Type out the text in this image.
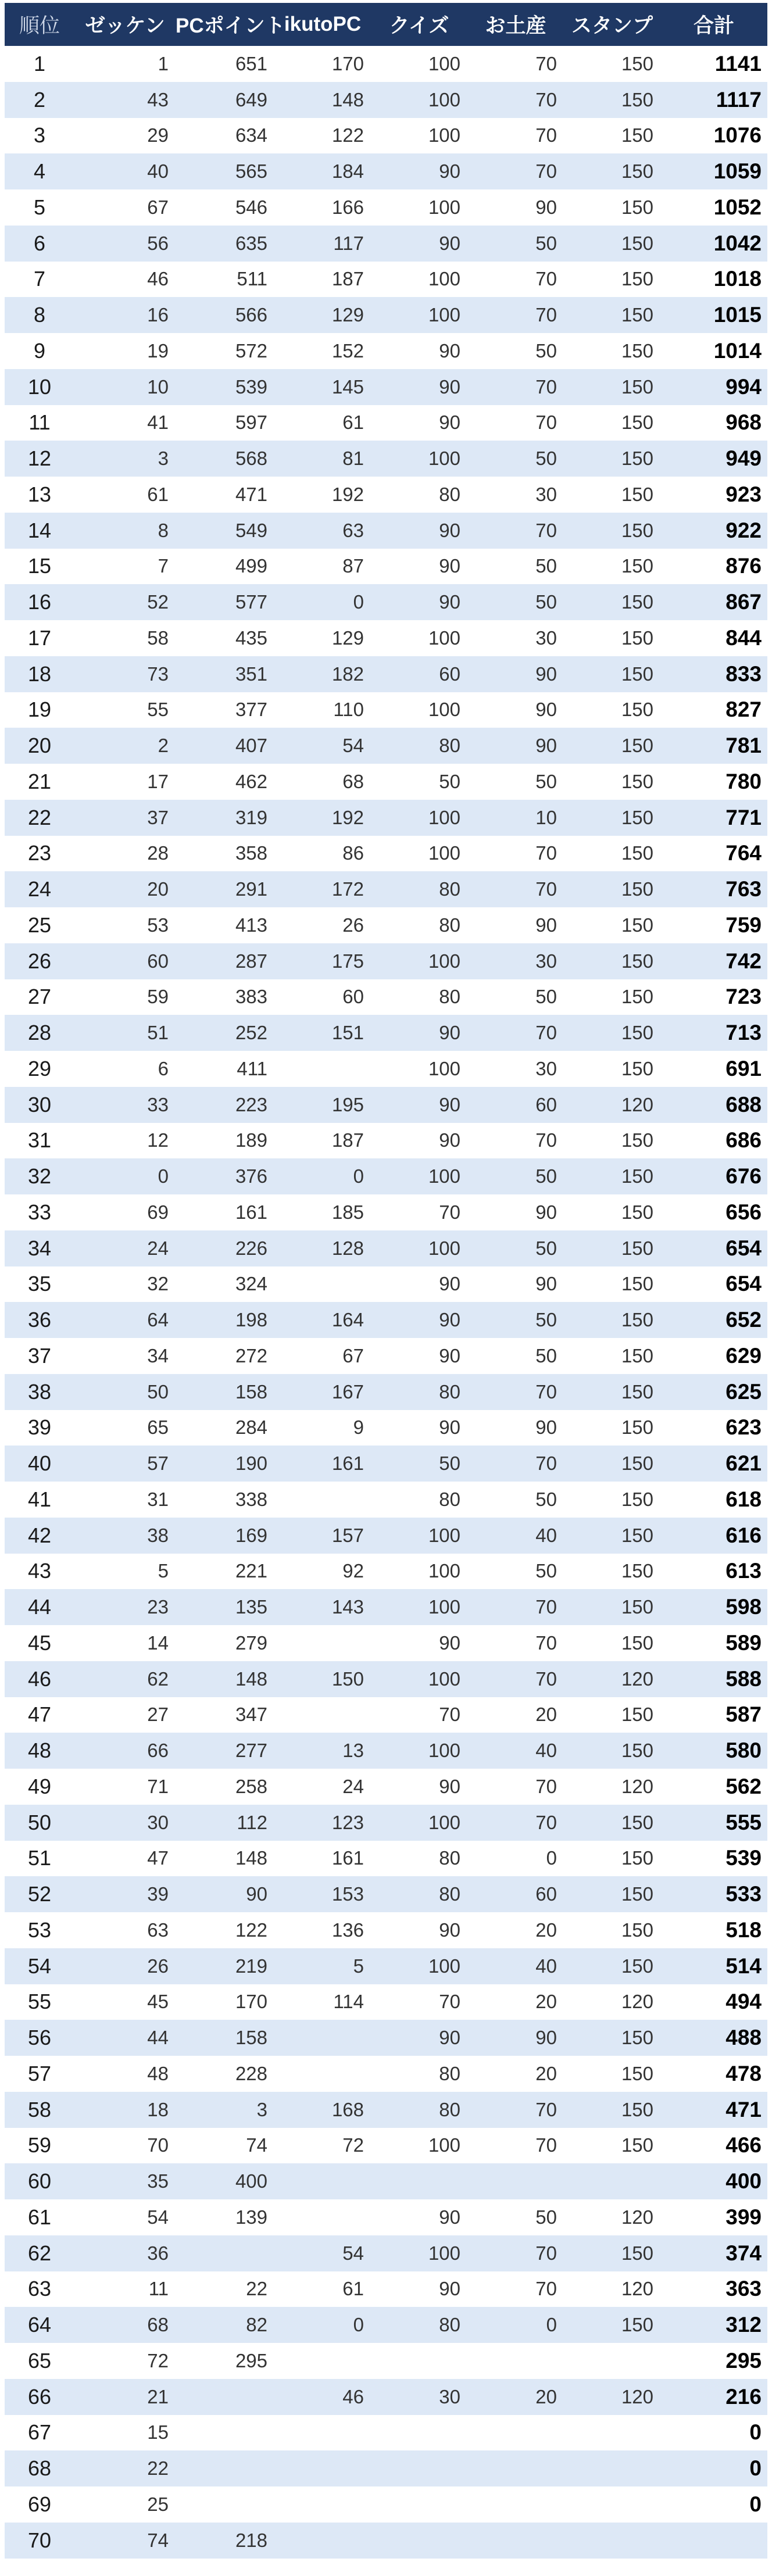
順位	ゼッケン	PCポイント	ikutoPC	クイズ	お土産	スタンプ	合計
1	1	651	170	100	70	150	1141
2	43	649	148	100	70	150	1117
3	29	634	122	100	70	150	1076
4	40	565	184	90	70	150	1059
5	67	546	166	100	90	150	1052
6	56	635	117	90	50	150	1042
7	46	511	187	100	70	150	1018
8	16	566	129	100	70	150	1015
9	19	572	152	90	50	150	1014
10	10	539	145	90	70	150	994
11	41	597	61	90	70	150	968
12	3	568	81	100	50	150	949
13	61	471	192	80	30	150	923
14	8	549	63	90	70	150	922
15	7	499	87	90	50	150	876
16	52	577	0	90	50	150	867
17	58	435	129	100	30	150	844
18	73	351	182	60	90	150	833
19	55	377	110	100	90	150	827
20	2	407	54	80	90	150	781
21	17	462	68	50	50	150	780
22	37	319	192	100	10	150	771
23	28	358	86	100	70	150	764
24	20	291	172	80	70	150	763
25	53	413	26	80	90	150	759
26	60	287	175	100	30	150	742
27	59	383	60	80	50	150	723
28	51	252	151	90	70	150	713
29	6	411		100	30	150	691
30	33	223	195	90	60	120	688
31	12	189	187	90	70	150	686
32	0	376	0	100	50	150	676
33	69	161	185	70	90	150	656
34	24	226	128	100	50	150	654
35	32	324		90	90	150	654
36	64	198	164	90	50	150	652
37	34	272	67	90	50	150	629
38	50	158	167	80	70	150	625
39	65	284	9	90	90	150	623
40	57	190	161	50	70	150	621
41	31	338		80	50	150	618
42	38	169	157	100	40	150	616
43	5	221	92	100	50	150	613
44	23	135	143	100	70	150	598
45	14	279		90	70	150	589
46	62	148	150	100	70	120	588
47	27	347		70	20	150	587
48	66	277	13	100	40	150	580
49	71	258	24	90	70	120	562
50	30	112	123	100	70	150	555
51	47	148	161	80	0	150	539
52	39	90	153	80	60	150	533
53	63	122	136	90	20	150	518
54	26	219	5	100	40	150	514
55	45	170	114	70	20	120	494
56	44	158		90	90	150	488
57	48	228		80	20	150	478
58	18	3	168	80	70	150	471
59	70	74	72	100	70	150	466
60	35	400					400
61	54	139		90	50	120	399
62	36		54	100	70	150	374
63	11	22	61	90	70	120	363
64	68	82	0	80	0	150	312
65	72	295					295
66	21		46	30	20	120	216
67	15						0
68	22						0
69	25						0
70	74	218					
